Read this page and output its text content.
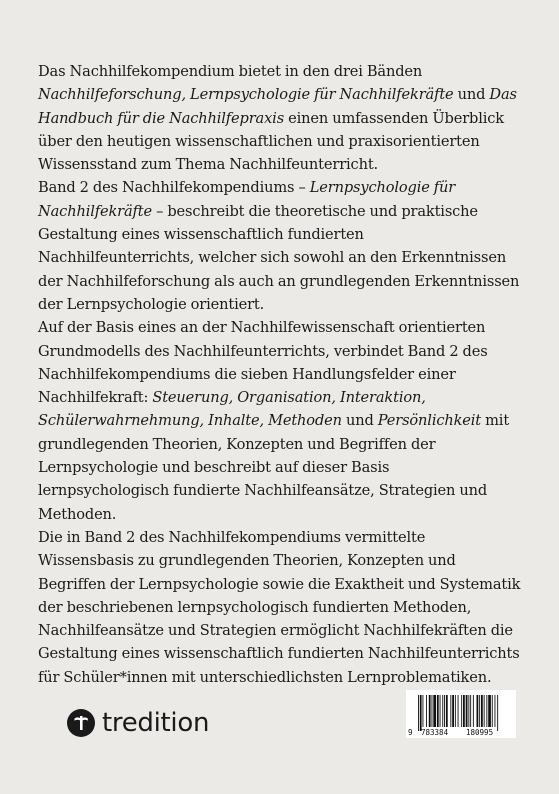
Das Nachhilfekompendium bietet in den drei Bänden Nachhilfeforschung, Lernpsychologie für Nachhilfekräfte und Das Handbuch für die Nachhilfepraxis einen umfassenden Überblick über den heutigen wissenschaftlichen und praxisorientierten Wissensstand zum Thema Nachhilfeunterricht.

Band 2 des Nachhilfekompendiums – Lernpsychologie für Nachhilfekräfte – beschreibt die theoretische und praktische Gestaltung eines wissenschaftlich fundierten Nachhilfeunterrichts, welcher sich sowohl an den Erkenntnissen der Nachhilfeforschung als auch an grundlegenden Erkenntnissen der Lernpsychologie orientiert.

Auf der Basis eines an der Nachhilfewissenschaft orientierten Grundmodells des Nachhilfeunterrichts, verbindet Band 2 des Nachhilfekompendiums die sieben Handlungsfelder einer Nachhilfekraft: Steuerung, Organisation, Interaktion, Schülerwahrnehmung, Inhalte, Methoden und Persönlichkeit mit grundlegenden Theorien, Konzepten und Begriffen der Lernpsychologie und beschreibt auf dieser Basis lernpsychologisch fundierte Nachhilfeansätze, Strategien und Methoden.

Die in Band 2 des Nachhilfekompendiums vermittelte Wissensbasis zu grundlegenden Theorien, Konzepten und Begriffen der Lernpsychologie sowie die Exaktheit und Systematik der beschriebenen lernpsychologisch fundierten Methoden, Nachhilfeansätze und Strategien ermöglicht Nachhilfekräften die Gestaltung eines wissenschaftlich fundierten Nachhilfeunterrichts für Schüler*innen mit unterschiedlichsten Lernproblematiken.

tredition	9 783384 180995
